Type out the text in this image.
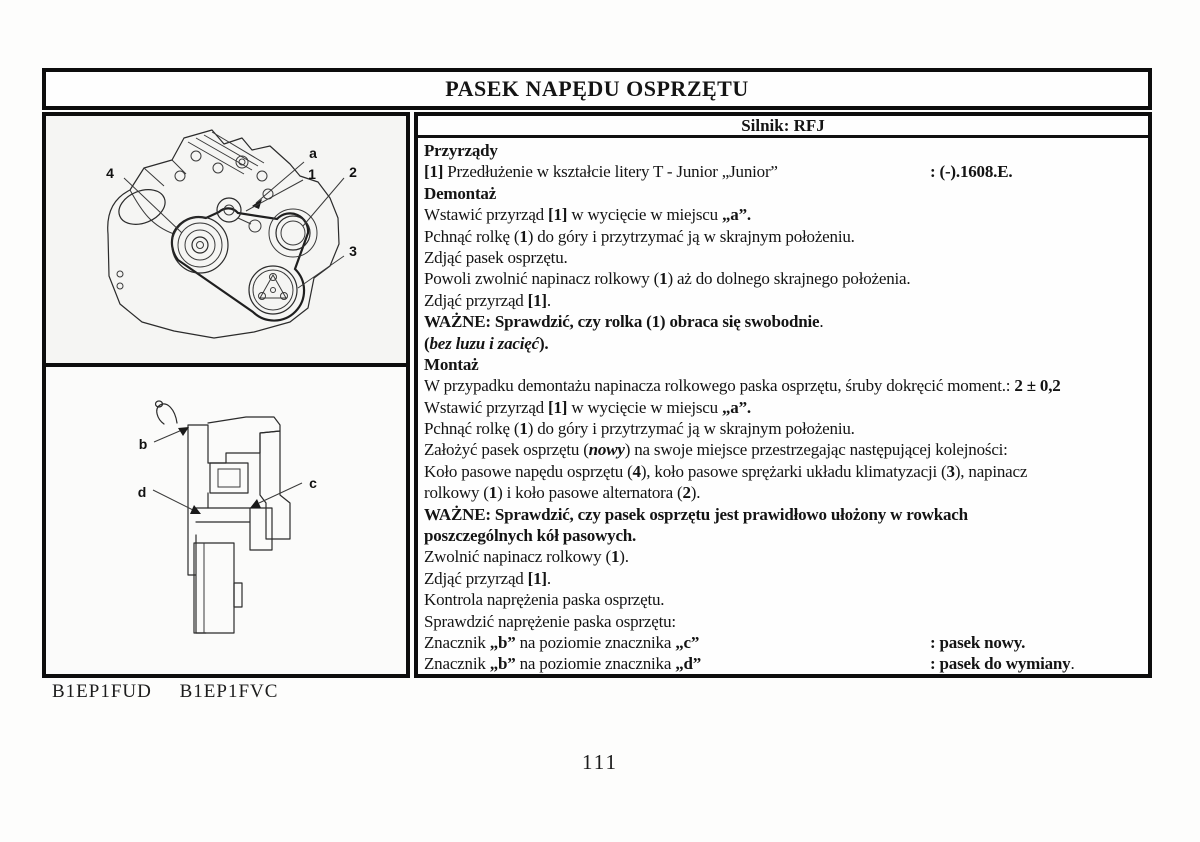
PASEK NAPĘDU OSPRZĘTU
4
a
1 2
3
b
d
c
Silnik: RFJ
Przyrządy
[1] Przedłużenie w kształcie litery T - Junior „Junior”	: (-).1608.E.
Demontaż
Wstawić przyrząd [1] w wycięcie w miejscu „a”.
Pchnąć rolkę (1) do góry i przytrzymać ją w skrajnym położeniu.
Zdjąć pasek osprzętu.
Powoli zwolnić napinacz rolkowy (1) aż do dolnego skrajnego położenia.
Zdjąć przyrząd [1].
WAŻNE: Sprawdzić, czy rolka (1) obraca się swobodnie.
(bez luzu i zacięć).
Montaż
W przypadku demontażu napinacza rolkowego paska osprzętu, śruby dokręcić moment.: 2 ± 0,2
Wstawić przyrząd [1] w wycięcie w miejscu „a”.
Pchnąć rolkę (1) do góry i przytrzymać ją w skrajnym położeniu.
Założyć pasek osprzętu (nowy) na swoje miejsce przestrzegając następującej kolejności:
Koło pasowe napędu osprzętu (4), koło pasowe sprężarki układu klimatyzacji (3), napinacz
rolkowy (1) i koło pasowe alternatora (2).
WAŻNE: Sprawdzić, czy pasek osprzętu jest prawidłowo ułożony w rowkach
poszczególnych kół pasowych.
Zwolnić napinacz rolkowy (1).
Zdjąć przyrząd [1].
Kontrola naprężenia paska osprzętu.
Sprawdzić naprężenie paska osprzętu:
Znacznik „b” na poziomie znacznika „c”	: pasek nowy.
Znacznik „b” na poziomie znacznika „d”	: pasek do wymiany.
B1EP1FUD B1EP1FVC
111
